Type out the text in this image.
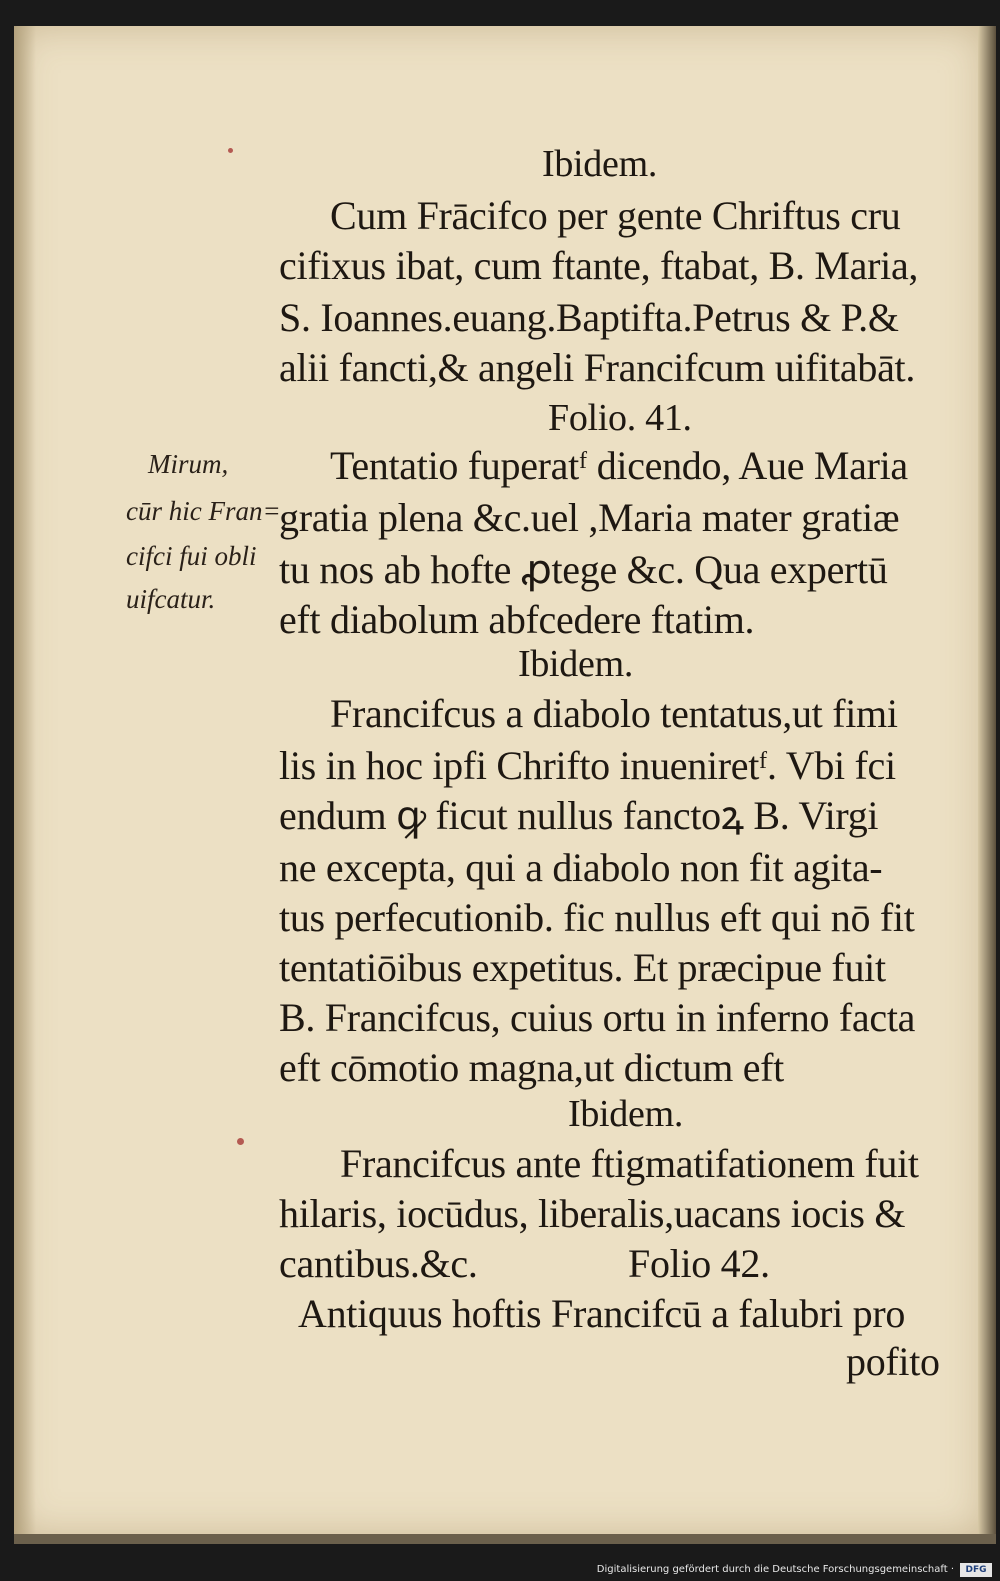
Mirum,
cūr hic Fran=
cifci fui obli
uifcatur.
Ibidem.
Cum Frācifco per gente Chriftus cru
cifixus ibat, cum ftante, ftabat, B. Maria,
S. Ioannes.euang.Baptifta.Petrus & P.&
alii fancti,& angeli Francifcum uifitabāt.
Folio. 41.
Tentatio fuperatᶠ dicendo, Aue Maria
gratia plena &c.uel ,Maria mater gratiæ
tu nos ab hofte ꝓtege &c. Qua expertū
eft diabolum abfcedere ftatim.
Ibidem.
Francifcus a diabolo tentatus,ut fimi
lis in hoc ipfi Chrifto inueniretᶠ. Vbi fci
endum ꝙ ficut nullus fanctoꝝ B. Virgi
ne excepta, qui a diabolo non fit agita-
tus perfecutionib. fic nullus eft qui nō fit
tentatiōibus expetitus. Et præcipue fuit
B. Francifcus, cuius ortu in inferno facta
eft cōmotio magna,ut dictum eft
Ibidem.
Francifcus ante ftigmatifationem fuit
hilaris, iocūdus, liberalis,uacans iocis &
cantibus.&c.	Folio 42.
Antiquus hoftis Francifcū a falubri pro
pofito
Digitalisierung gefördert durch die Deutsche Forschungsgemeinschaft ·	DFG
